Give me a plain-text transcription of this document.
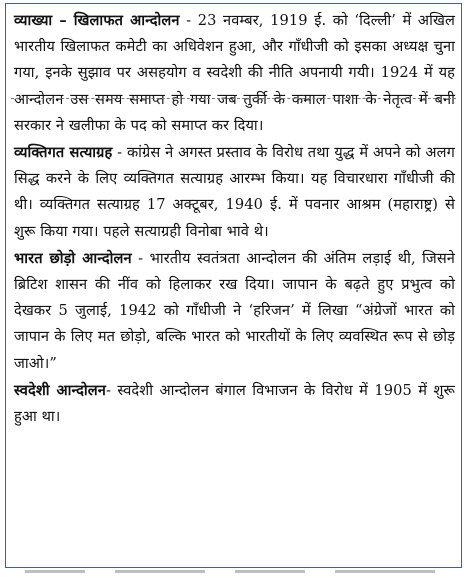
व्याख्या – खिलाफत आन्दोलन - 23 नवम्बर, 1919 ई. को ‘दिल्ली’ में अखिल भारतीय खिलाफत कमेटी का अधिवेशन हुआ, और गाँधीजी को इसका अध्यक्ष चुना गया, इनके सुझाव पर असहयोग व स्वदेशी की नीति अपनायी गयी। 1924 में यह आन्दोलन उस समय समाप्त हो गया जब तुर्की के कमाल पाशा के नेतृत्व में बनी सरकार ने खलीफा के पद को समाप्त कर दिया।

व्यक्तिगत सत्याग्रह - कांग्रेस ने अगस्त प्रस्ताव के विरोध तथा युद्ध में अपने को अलग सिद्ध करने के लिए व्यक्तिगत सत्याग्रह आरम्भ किया। यह विचारधारा गाँधीजी की थी। व्यक्तिगत सत्याग्रह 17 अक्टूबर, 1940 ई. में पवनार आश्रम (महाराष्ट्र) से शुरू किया गया। पहले सत्याग्रही विनोबा भावे थे।

भारत छोड़ो आन्दोलन - भारतीय स्वतंत्रता आन्दोलन की अंतिम लड़ाई थी, जिसने ब्रिटिश शासन की नींव को हिलाकर रख दिया। जापान के बढ़ते हुए प्रभुत्व को देखकर 5 जुलाई, 1942 को गाँधीजी ने ‘हरिजन’ में लिखा “अंग्रेजों भारत को जापान के लिए मत छोड़ो, बल्कि भारत को भारतीयों के लिए व्यवस्थित रूप से छोड़ जाओ।”

स्वदेशी आन्दोलन- स्वदेशी आन्दोलन बंगाल विभाजन के विरोध में 1905 में शुरू हुआ था।
